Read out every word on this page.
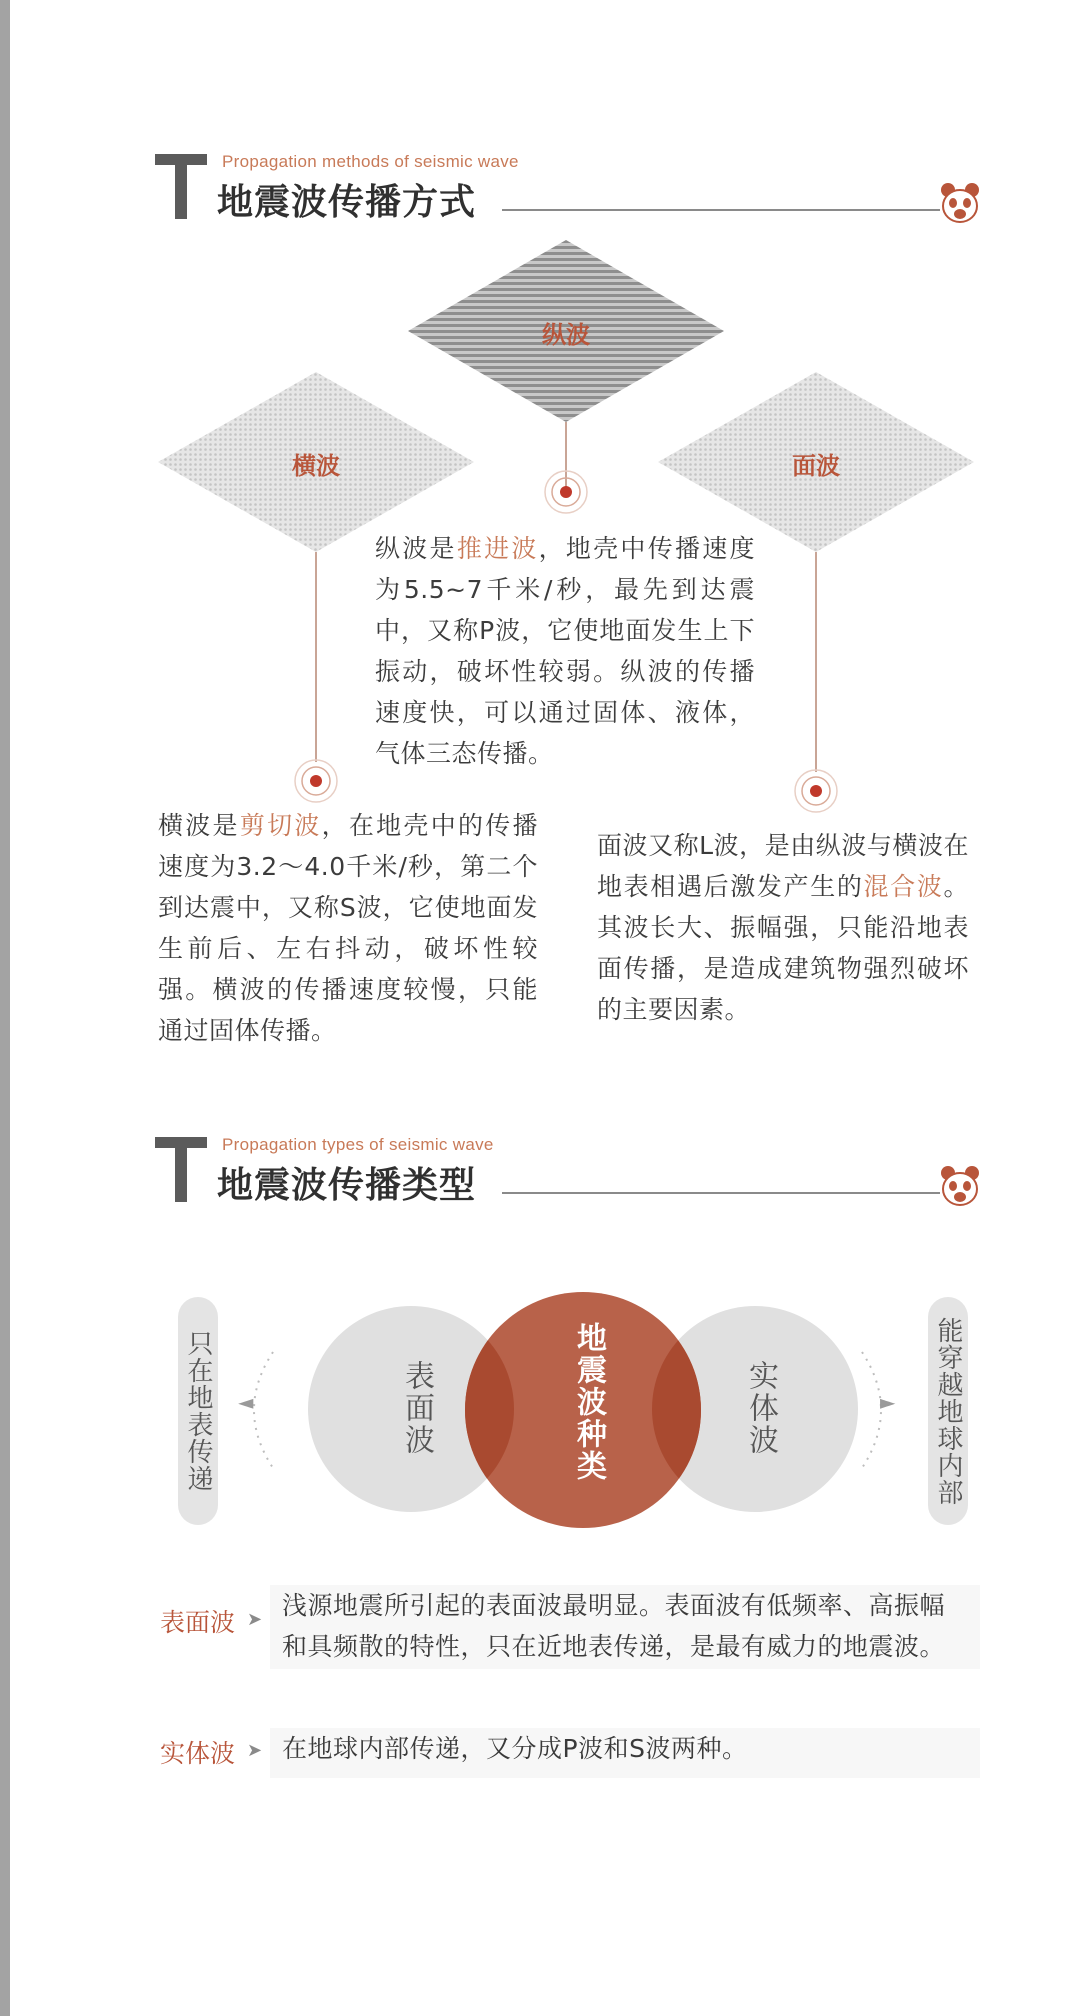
Propagation methods of seismic wave
地震波传播方式
纵波
横波	面波
纵波是推进波，地壳中传播速度为5.5~7千米/秒，最先到达震中，又称P波，它使地面发生上下振动，破坏性较弱。纵波的传播速度快，可以通过固体、液体，气体三态传播。
横波是剪切波，在地壳中的传播速度为3.2～4.0千米/秒，第二个到达震中，又称S波，它使地面发生前后、左右抖动，破坏性较强。横波的传播速度较慢，只能通过固体传播。
面波又称L波，是由纵波与横波在地表相遇后激发产生的混合波。其波长大、振幅强，只能沿地表面传播，是造成建筑物强烈破坏的主要因素。
Propagation types of seismic wave
地震波传播类型
只在地表传递	能穿越地球内部
◄	►
表面波	地震波种类	实体波
表面波 ➤ 浅源地震所引起的表面波最明显。表面波有低频率、高振幅和具频散的特性，只在近地表传递，是最有威力的地震波。
实体波 ➤ 在地球内部传递，又分成P波和S波两种。
